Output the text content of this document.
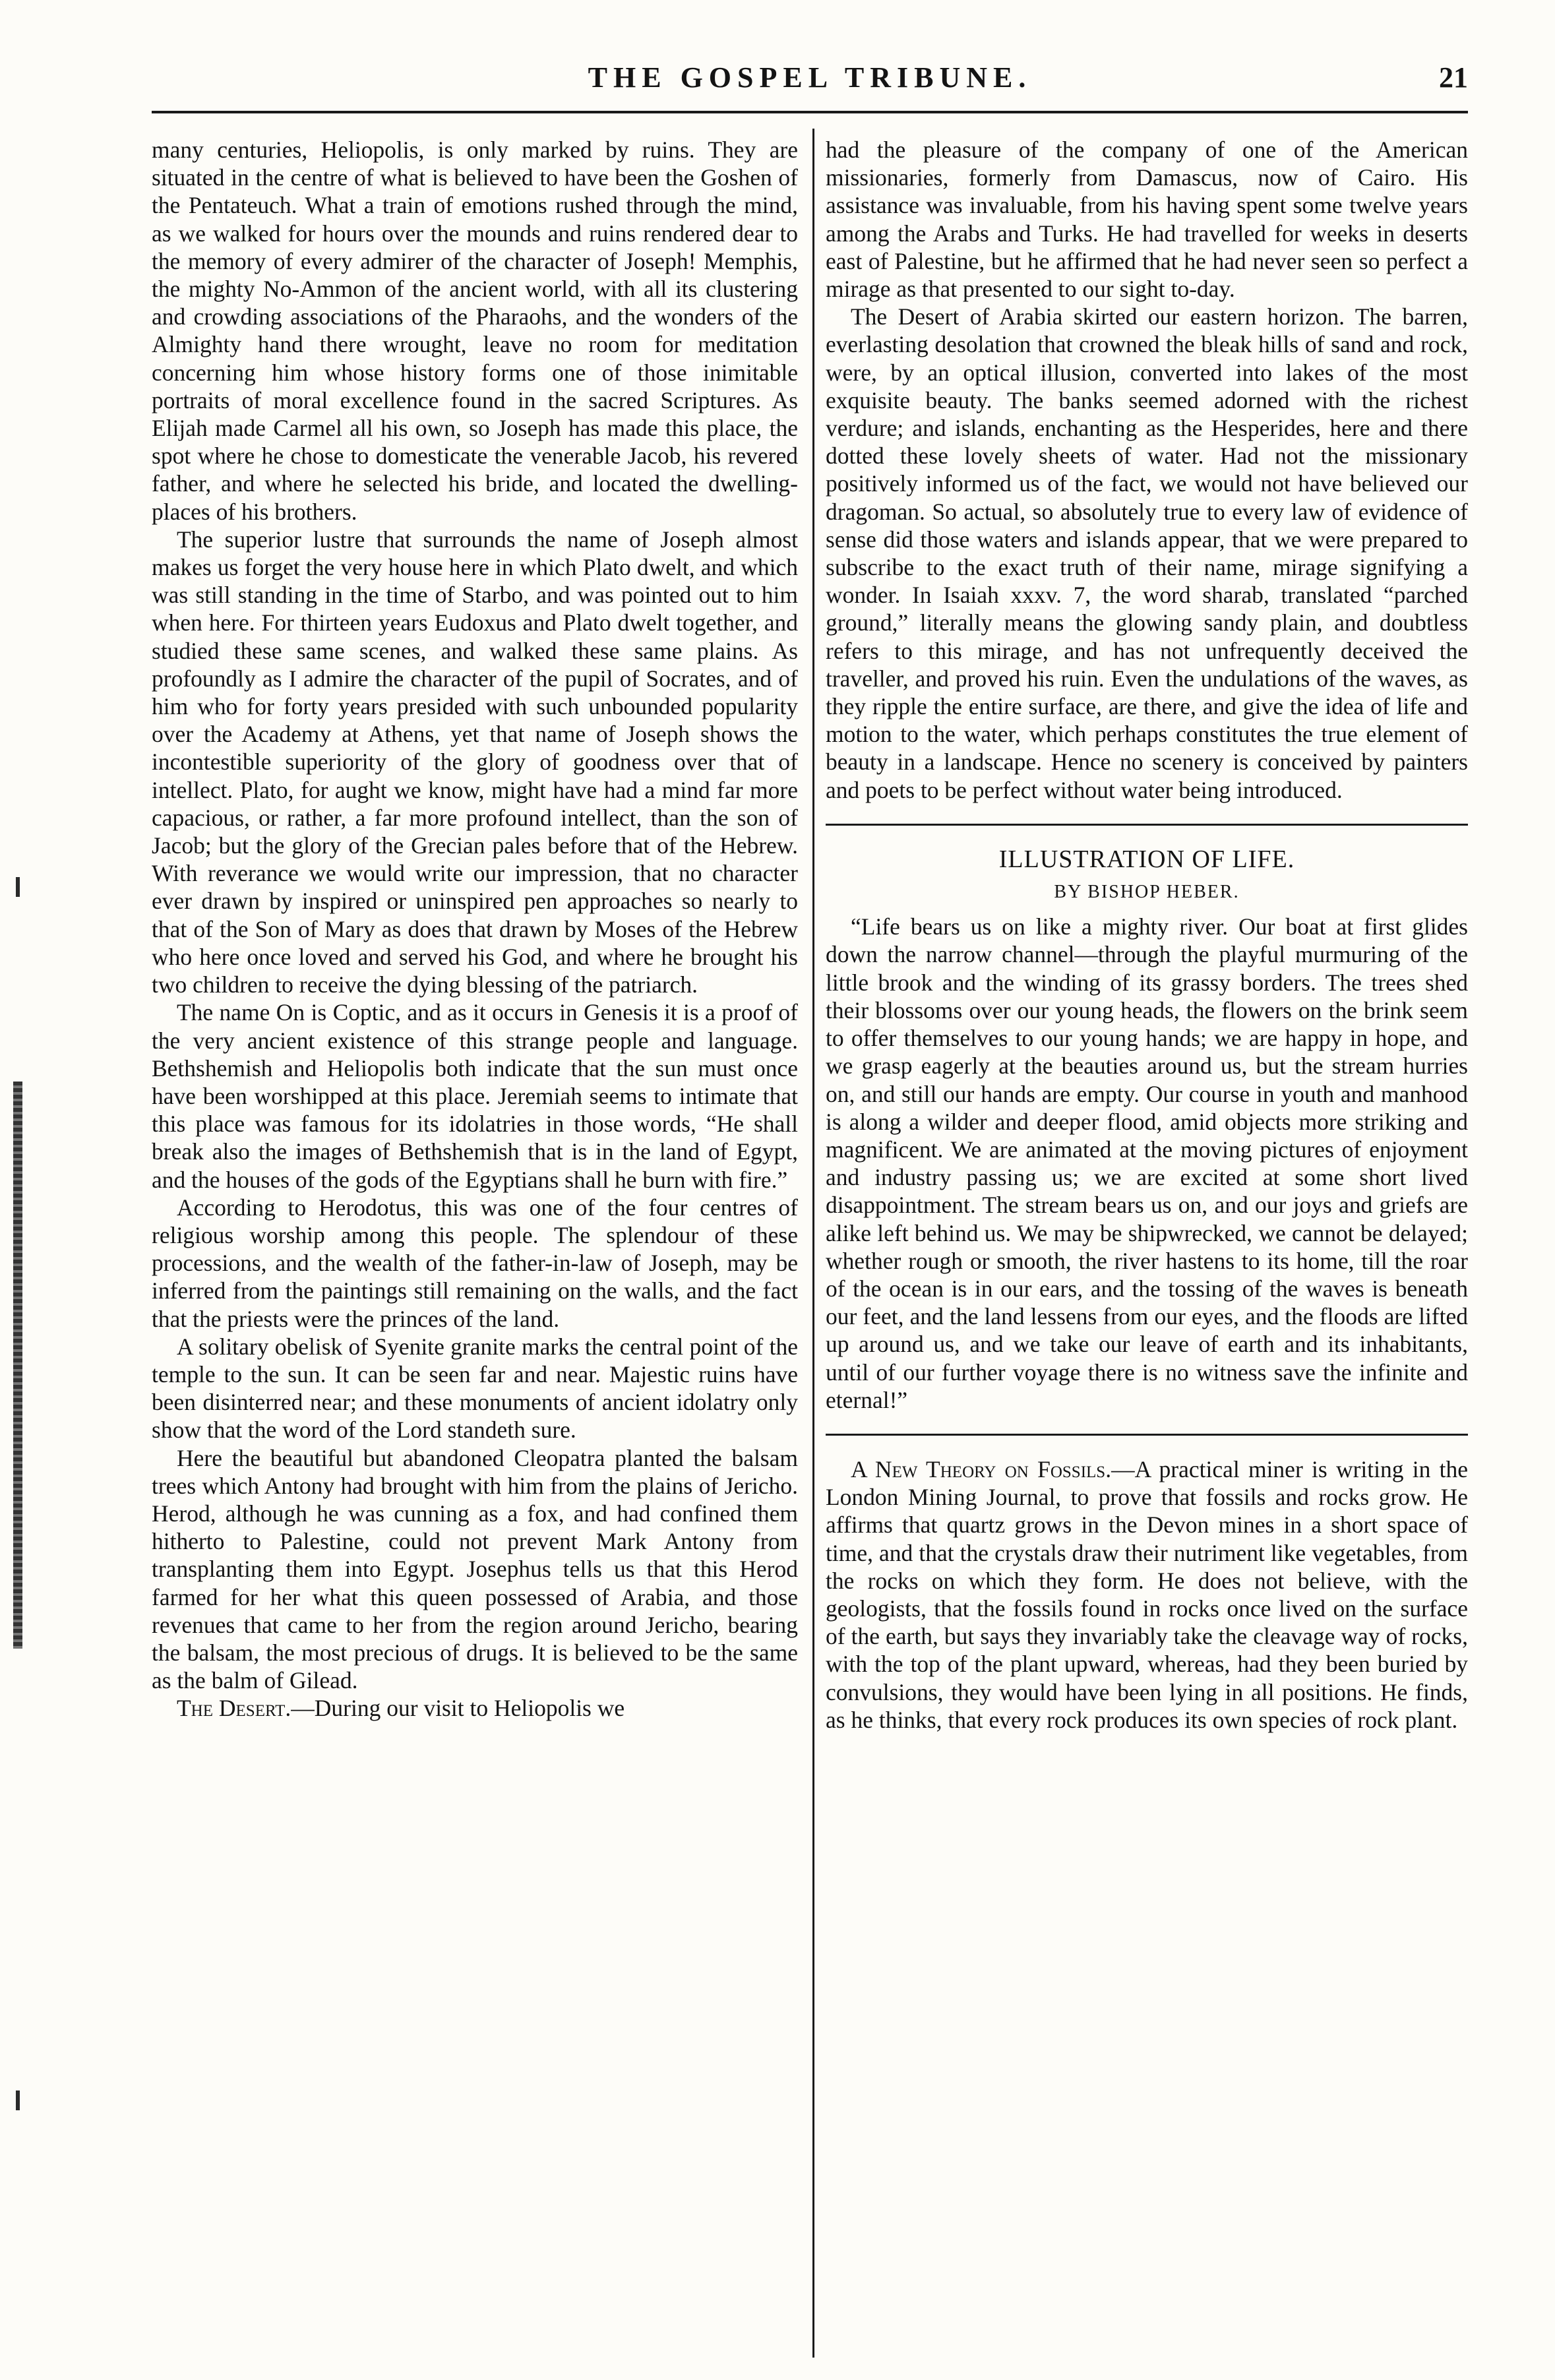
THE GOSPEL TRIBUNE.	21

many centuries, Heliopolis, is only marked by ruins. They are situated in the centre of what is believed to have been the Goshen of the Pentateuch. What a train of emotions rushed through the mind, as we walked for hours over the mounds and ruins rendered dear to the memory of every admirer of the character of Joseph! Memphis, the mighty No-Ammon of the ancient world, with all its clustering and crowding associations of the Pharaohs, and the wonders of the Almighty hand there wrought, leave no room for meditation concerning him whose history forms one of those inimitable portraits of moral excellence found in the sacred Scriptures. As Elijah made Carmel all his own, so Joseph has made this place, the spot where he chose to domesticate the venerable Jacob, his revered father, and where he selected his bride, and located the dwelling-places of his brothers.

The superior lustre that surrounds the name of Joseph almost makes us forget the very house here in which Plato dwelt, and which was still standing in the time of Starbo, and was pointed out to him when here. For thirteen years Eudoxus and Plato dwelt together, and studied these same scenes, and walked these same plains. As profoundly as I admire the character of the pupil of Socrates, and of him who for forty years presided with such unbounded popularity over the Academy at Athens, yet that name of Joseph shows the incontestible superiority of the glory of goodness over that of intellect. Plato, for aught we know, might have had a mind far more capacious, or rather, a far more profound intellect, than the son of Jacob; but the glory of the Grecian pales before that of the Hebrew. With reverance we would write our impression, that no character ever drawn by inspired or uninspired pen approaches so nearly to that of the Son of Mary as does that drawn by Moses of the Hebrew who here once loved and served his God, and where he brought his two children to receive the dying blessing of the patriarch.

The name On is Coptic, and as it occurs in Genesis it is a proof of the very ancient existence of this strange people and language. Bethshemish and Heliopolis both indicate that the sun must once have been worshipped at this place. Jeremiah seems to intimate that this place was famous for its idolatries in those words, “He shall break also the images of Bethshemish that is in the land of Egypt, and the houses of the gods of the Egyptians shall he burn with fire.”

According to Herodotus, this was one of the four centres of religious worship among this people. The splendour of these processions, and the wealth of the father-in-law of Joseph, may be inferred from the paintings still remaining on the walls, and the fact that the priests were the princes of the land.

A solitary obelisk of Syenite granite marks the central point of the temple to the sun. It can be seen far and near. Majestic ruins have been disinterred near; and these monuments of ancient idolatry only show that the word of the Lord standeth sure.

Here the beautiful but abandoned Cleopatra planted the balsam trees which Antony had brought with him from the plains of Jericho. Herod, although he was cunning as a fox, and had confined them hitherto to Palestine, could not prevent Mark Antony from transplanting them into Egypt. Josephus tells us that this Herod farmed for her what this queen possessed of Arabia, and those revenues that came to her from the region around Jericho, bearing the balsam, the most precious of drugs. It is believed to be the same as the balm of Gilead.

The Desert.—During our visit to Heliopolis we

had the pleasure of the company of one of the American missionaries, formerly from Damascus, now of Cairo. His assistance was invaluable, from his having spent some twelve years among the Arabs and Turks. He had travelled for weeks in deserts east of Palestine, but he affirmed that he had never seen so perfect a mirage as that presented to our sight to-day.

The Desert of Arabia skirted our eastern horizon. The barren, everlasting desolation that crowned the bleak hills of sand and rock, were, by an optical illusion, converted into lakes of the most exquisite beauty. The banks seemed adorned with the richest verdure; and islands, enchanting as the Hesperides, here and there dotted these lovely sheets of water. Had not the missionary positively informed us of the fact, we would not have believed our dragoman. So actual, so absolutely true to every law of evidence of sense did those waters and islands appear, that we were prepared to subscribe to the exact truth of their name, mirage signifying a wonder. In Isaiah xxxv. 7, the word sharab, translated “parched ground,” literally means the glowing sandy plain, and doubtless refers to this mirage, and has not unfrequently deceived the traveller, and proved his ruin. Even the undulations of the waves, as they ripple the entire surface, are there, and give the idea of life and motion to the water, which perhaps constitutes the true element of beauty in a landscape. Hence no scenery is conceived by painters and poets to be perfect without water being introduced.

ILLUSTRATION OF LIFE.
BY BISHOP HEBER.

“Life bears us on like a mighty river. Our boat at first glides down the narrow channel—through the playful murmuring of the little brook and the winding of its grassy borders. The trees shed their blossoms over our young heads, the flowers on the brink seem to offer themselves to our young hands; we are happy in hope, and we grasp eagerly at the beauties around us, but the stream hurries on, and still our hands are empty. Our course in youth and manhood is along a wilder and deeper flood, amid objects more striking and magnificent. We are animated at the moving pictures of enjoyment and industry passing us; we are excited at some short lived disappointment. The stream bears us on, and our joys and griefs are alike left behind us. We may be shipwrecked, we cannot be delayed; whether rough or smooth, the river hastens to its home, till the roar of the ocean is in our ears, and the tossing of the waves is beneath our feet, and the land lessens from our eyes, and the floods are lifted up around us, and we take our leave of earth and its inhabitants, until of our further voyage there is no witness save the infinite and eternal!”

A New Theory on Fossils.—A practical miner is writing in the London Mining Journal, to prove that fossils and rocks grow. He affirms that quartz grows in the Devon mines in a short space of time, and that the crystals draw their nutriment like vegetables, from the rocks on which they form. He does not believe, with the geologists, that the fossils found in rocks once lived on the surface of the earth, but says they invariably take the cleavage way of rocks, with the top of the plant upward, whereas, had they been buried by convulsions, they would have been lying in all positions. He finds, as he thinks, that every rock produces its own species of rock plant.
